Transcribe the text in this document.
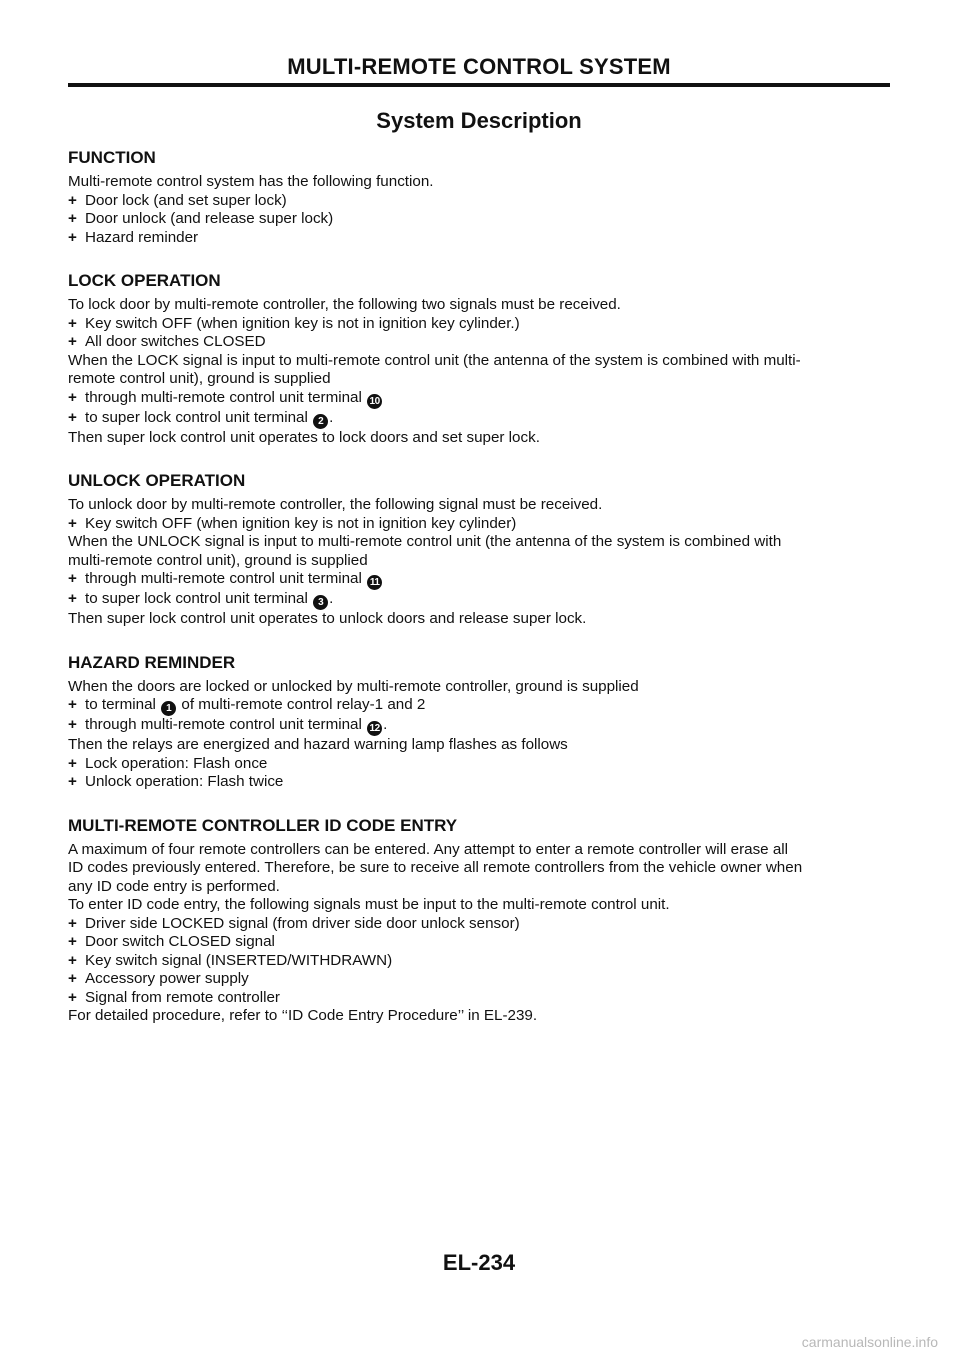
MULTI-REMOTE CONTROL SYSTEM
System Description
FUNCTION

Multi-remote control system has the following function.

+ Door lock (and set super lock)
+ Door unlock (and release super lock)
+ Hazard reminder
LOCK OPERATION

To lock door by multi-remote controller, the following two signals must be received.

+ Key switch OFF (when ignition key is not in ignition key cylinder.)
+ All door switches CLOSED

When the LOCK signal is input to multi-remote control unit (the antenna of the system is combined with multi-

remote control unit), ground is supplied

+ through multi-remote control unit terminal 10
+ to super lock control unit terminal 2 .

Then super lock control unit operates to lock doors and set super lock.

UNLOCK OPERATION

To unlock door by multi-remote controller, the following signal must be received.

+ Key switch OFF (when ignition key is not in ignition key cylinder)

When the UNLOCK signal is input to multi-remote control unit (the antenna of the system is combined with

multi-remote control unit), ground is supplied

+ through multi-remote control unit terminal 11
+ to super lock control unit terminal 3 .

Then super lock control unit operates to unlock doors and release super lock.

HAZARD REMINDER

When the doors are locked or unlocked by multi-remote controller, ground is supplied

+ to terminal 1 of multi-remote control relay-1 and 2
+ through multi-remote control unit terminal 12 .

Then the relays are energized and hazard warning lamp flashes as follows

+ Lock operation: Flash once
+ Unlock operation: Flash twice
MULTI-REMOTE CONTROLLER ID CODE ENTRY

A maximum of four remote controllers can be entered. Any attempt to enter a remote controller will erase all

ID codes previously entered. Therefore, be sure to receive all remote controllers from the vehicle owner when

any ID code entry is performed.

To enter ID code entry, the following signals must be input to the multi-remote control unit.

+ Driver side LOCKED signal (from driver side door unlock sensor)
+ Door switch CLOSED signal
+ Key switch signal (INSERTED/WITHDRAWN)
+ Accessory power supply
+ Signal from remote controller

For detailed procedure, refer to ‘‘ID Code Entry Procedure’’ in EL-239.

EL-234
carmanualsonline.info
